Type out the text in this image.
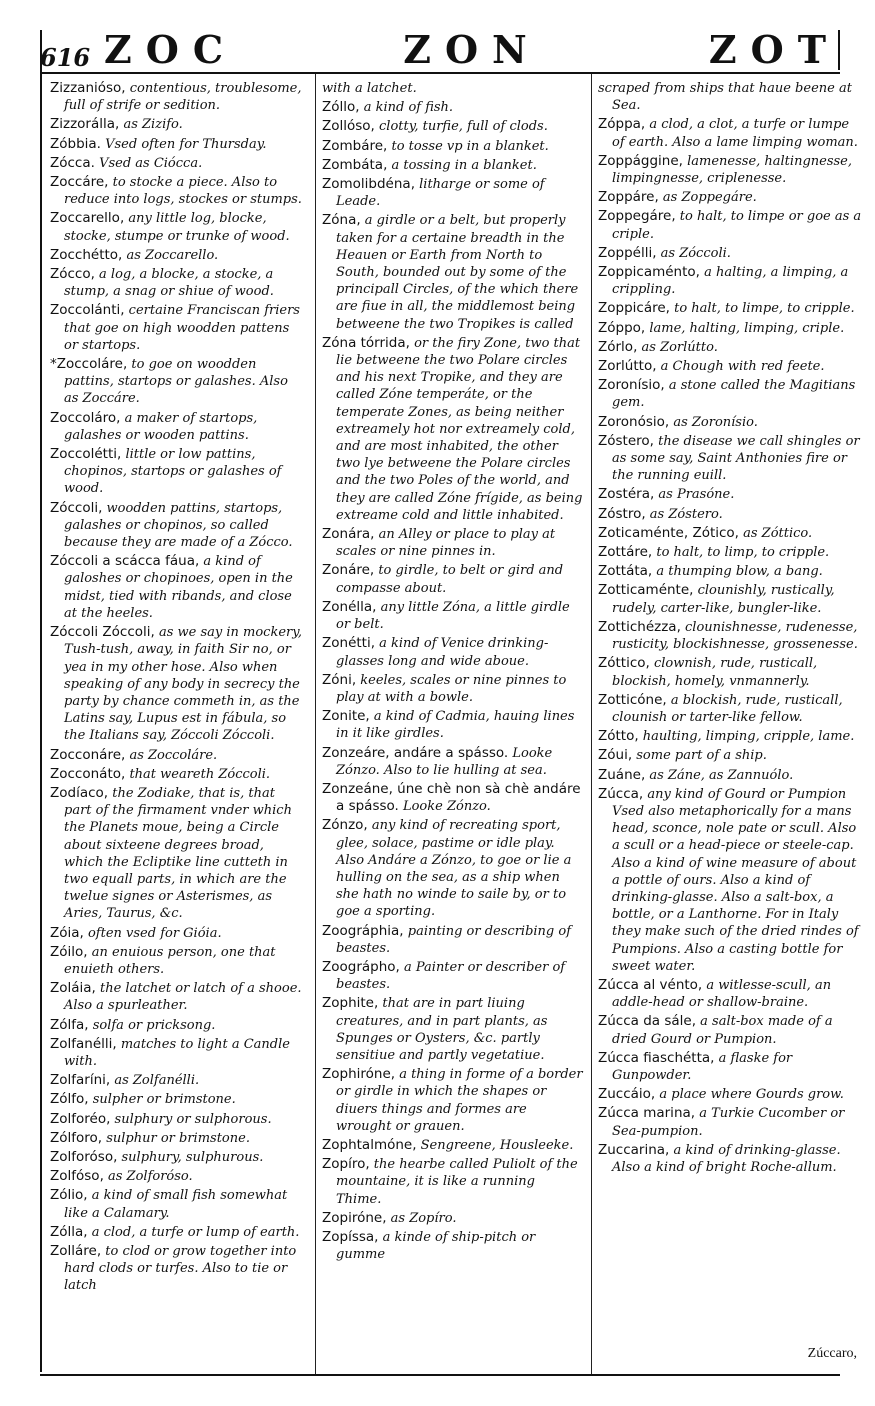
616 ZOC	ZON	ZOT
Zizzanióso, contentious, troublesome, full of strife or sedition.
Zizzorálla, as Zizifo.
Zóbbia. Vsed often for Thursday.
Zócca. Vsed as Ciócca.
Zoccáre, to stocke a piece. Also to reduce into logs, stockes or stumps.
Zoccarello, any little log, blocke, stocke, stumpe or trunke of wood.
Zocchétto, as Zoccarello.
Zócco, a log, a blocke, a stocke, a stump, a snag or shiue of wood.
Zoccolánti, certaine Franciscan friers that goe on high woodden pattens or startops.
*Zoccoláre, to goe on woodden pattins, startops or galashes. Also as Zoccáre.
Zoccoláro, a maker of startops, galashes or wooden pattins.
Zoccolétti, little or low pattins, chopinos, startops or galashes of wood.
Zóccoli, woodden pattins, startops, galashes or chopinos, so called because they are made of a Zócco.
Zóccoli a scácca fáua, a kind of galoshes or chopinoes, open in the midst, tied with ribands, and close at the heeles.
Zóccoli Zóccoli, as we say in mockery, Tush-tush, away, in faith Sir no, or yea in my other hose. Also when speaking of any body in secrecy the party by chance commeth in, as the Latins say, Lupus est in fábula, so the Italians say, Zóccoli Zóccoli.
Zocconáre, as Zoccoláre.
Zocconáto, that weareth Zóccoli.
Zodíaco, the Zodiake, that is, that part of the firmament vnder which the Planets moue, being a Circle about sixteene degrees broad, which the Ecliptike line cutteth in two equall parts, in which are the twelue signes or Asterismes, as Aries, Taurus, &c.
Zóia, often vsed for Gióia.
Zóilo, an enuious person, one that enuieth others.
Zoláia, the latchet or latch of a shooe. Also a spurleather.
Zólfa, solfa or pricksong.
Zolfanélli, matches to light a Candle with.
Zolfaríni, as Zolfanélli.
Zólfo, sulpher or brimstone.
Zolforéo, sulphury or sulphorous.
Zólforo, sulphur or brimstone.
Zolforóso, sulphury, sulphurous.
Zolfóso, as Zolforóso.
Zólio, a kind of small fish somewhat like a Calamary.
Zólla, a clod, a turfe or lump of earth.
Zolláre, to clod or grow together into hard clods or turfes. Also to tie or latch
with a latchet.
Zóllo, a kind of fish.
Zollóso, clotty, turfie, full of clods.
Zombáre, to tosse vp in a blanket.
Zombáta, a tossing in a blanket.
Zomolibdéna, litharge or some of Leade.
Zóna, a girdle or a belt, but properly taken for a certaine breadth in the Heauen or Earth from North to South, bounded out by some of the principall Circles, of the which there are fiue in all, the middlemost being betweene the two Tropikes is called
Zóna tórrida, or the firy Zone, two that lie betweene the two Polare circles and his next Tropike, and they are called Zóne temperáte, or the temperate Zones, as being neither extreamely hot nor extreamely cold, and are most inhabited, the other two lye betweene the Polare circles and the two Poles of the world, and they are called Zóne frígide, as being extreame cold and little inhabited.
Zonára, an Alley or place to play at scales or nine pinnes in.
Zonáre, to girdle, to belt or gird and compasse about.
Zonélla, any little Zóna, a little girdle or belt.
Zonétti, a kind of Venice drinking-glasses long and wide aboue.
Zóni, keeles, scales or nine pinnes to play at with a bowle.
Zonite, a kind of Cadmia, hauing lines in it like girdles.
Zonzeáre, andáre a spásso. Looke Zónzo. Also to lie hulling at sea.
Zonzeáne, úne chè non sà chè andáre a spásso. Looke Zónzo.
Zónzo, any kind of recreating sport, glee, solace, pastime or idle play. Also Andáre a Zónzo, to goe or lie a hulling on the sea, as a ship when she hath no winde to saile by, or to goe a sporting.
Zoográphia, painting or describing of beastes.
Zoográpho, a Painter or describer of beastes.
Zophite, that are in part liuing creatures, and in part plants, as Spunges or Oysters, &c. partly sensitiue and partly vegetatiue.
Zophiróne, a thing in forme of a border or girdle in which the shapes or diuers things and formes are wrought or grauen.
Zophtalmóne, Sengreene, Housleeke.
Zopíro, the hearbe called Puliolt of the mountaine, it is like a running Thime.
Zopiróne, as Zopíro.
Zopíssa, a kinde of ship-pitch or gumme
scraped from ships that haue beene at Sea.
Zóppa, a clod, a clot, a turfe or lumpe of earth. Also a lame limping woman.
Zoppággine, lamenesse, haltingnesse, limpingnesse, criplenesse.
Zoppáre, as Zoppegáre.
Zoppegáre, to halt, to limpe or goe as a criple.
Zoppélli, as Zóccoli.
Zoppicaménto, a halting, a limping, a crippling.
Zoppicáre, to halt, to limpe, to cripple.
Zóppo, lame, halting, limping, criple.
Zórlo, as Zorlútto.
Zorlútto, a Chough with red feete.
Zoronísio, a stone called the Magitians gem.
Zoronósio, as Zoronísio.
Zóstero, the disease we call shingles or as some say, Saint Anthonies fire or the running euill.
Zostéra, as Prasóne.
Zóstro, as Zóstero.
Zoticaménte, Zótico, as Zóttico.
Zottáre, to halt, to limp, to cripple.
Zottáta, a thumping blow, a bang.
Zotticaménte, clounishly, rustically, rudely, carter-like, bungler-like.
Zottichézza, clounishnesse, rudenesse, rusticity, blockishnesse, grossenesse.
Zóttico, clownish, rude, rusticall, blockish, homely, vnmannerly.
Zotticóne, a blockish, rude, rusticall, clounish or tarter-like fellow.
Zótto, haulting, limping, cripple, lame.
Zóui, some part of a ship.
Zuáne, as Záne, as Zannuólo.
Zúcca, any kind of Gourd or Pumpion Vsed also metaphorically for a mans head, sconce, nole pate or scull. Also a scull or a head-piece or steele-cap. Also a kind of wine measure of about a pottle of ours. Also a kind of drinking-glasse. Also a salt-box, a bottle, or a Lanthorne. For in Italy they make such of the dried rindes of Pumpions. Also a casting bottle for sweet water.
Zúcca al vénto, a witlesse-scull, an addle-head or shallow-braine.
Zúcca da sále, a salt-box made of a dried Gourd or Pumpion.
Zúcca fiaschétta, a flaske for Gunpowder.
Zuccáio, a place where Gourds grow.
Zúcca marina, a Turkie Cucomber or Sea-pumpion.
Zuccarina, a kind of drinking-glasse. Also a kind of bright Roche-allum.
Zúccaro,
